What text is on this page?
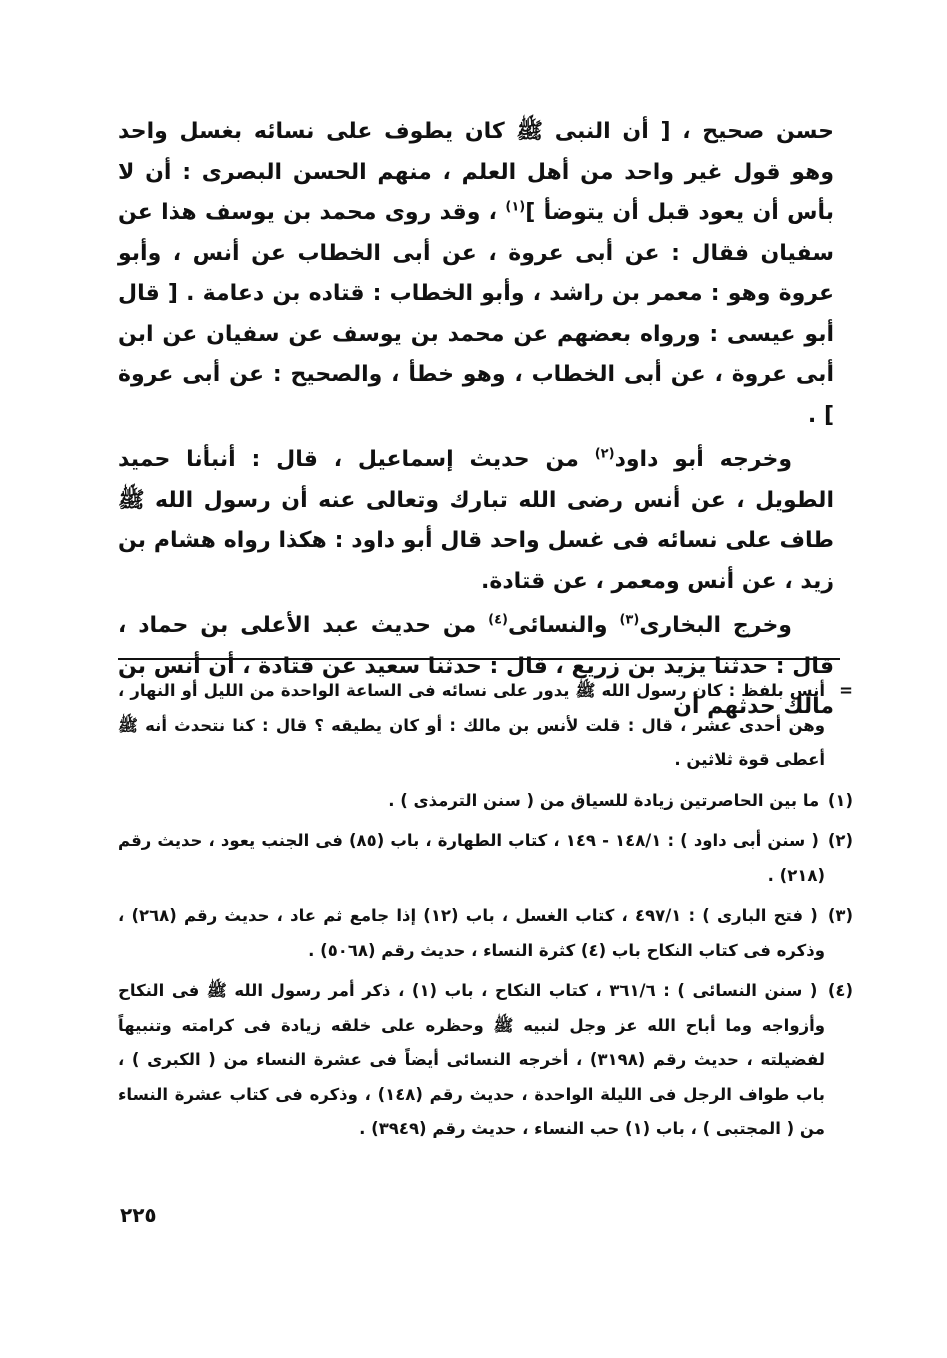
حسن صحيح ، [ أن النبى ﷺ كان يطوف على نسائه بغسل واحد وهو قول غير واحد من أهل العلم ، منهم الحسن البصرى : أن لا بأس أن يعود قبل أن يتوضأ ]$^{(١)}$ ، وقد روى محمد بن يوسف هذا عن سفيان فقال : عن أبى عروة ، عن أبى الخطاب عن أنس ، وأبو عروة وهو : معمر بن راشد ، وأبو الخطاب : قتاده بن دعامة . [ قال أبو عيسى : ورواه بعضهم عن محمد بن يوسف عن سفيان عن ابن أبى عروة ، عن أبى الخطاب ، وهو خطأ ، والصحيح : عن أبى عروة ] .

وخرجه أبو داود$^{(٢)}$ من حديث إسماعيل ، قال : أنبأنا حميد الطويل ، عن أنس رضى الله تبارك وتعالى عنه أن رسول الله ﷺ طاف على نسائه فى غسل واحد قال أبو داود : هكذا رواه هشام بن زيد ، عن أنس ومعمر ، عن قتادة.

وخرج البخارى$^{(٣)}$ والنسائى$^{(٤)}$ من حديث عبد الأعلى بن حماد ، قال : حدثنا يزيد بن زريع ، قال : حدثنا سعيد عن قتادة ، أن أنس بن مالك حدثهم أن

=أنس بلفظ : كان رسول الله ﷺ يدور على نسائه فى الساعة الواحدة من الليل أو النهار ، وهن أحدى عشر ، قال : قلت لأنس بن مالك : أو كان يطيقه ؟ قال : كنا نتحدث أنه ﷺ أعطى قوة ثلاثين .

(١) ما بين الحاصرتين زيادة للسياق من ( سنن الترمذى ) .

(٢) ( سنن أبى داود ) : ١٤٨/١ - ١٤٩ ، كتاب الطهارة ، باب (٨٥) فى الجنب يعود ، حديث رقم (٢١٨) .

(٣) ( فتح البارى ) : ٤٩٧/١ ، كتاب الغسل ، باب (١٢) إذا جامع ثم عاد ، حديث رقم (٢٦٨) ، وذكره فى كتاب النكاح باب (٤) كثرة النساء ، حديث رقم (٥٠٦٨) .

(٤) ( سنن النسائى ) : ٣٦١/٦ ، كتاب النكاح ، باب (١) ، ذكر أمر رسول الله ﷺ فى النكاح وأزواجه وما أباح الله عز وجل لنبيه ﷺ وحظره على خلقه زيادة فى كرامته وتنبيهاً لفضيلته ، حديث رقم (٣١٩٨) ، أخرجه النسائى أيضاً فى عشرة النساء من ( الكبرى ) ، باب طواف الرجل فى الليلة الواحدة ، حديث رقم (١٤٨) ، وذكره فى كتاب عشرة النساء من ( المجتبى ) ، باب (١) حب النساء ، حديث رقم (٣٩٤٩) .

٢٢٥
